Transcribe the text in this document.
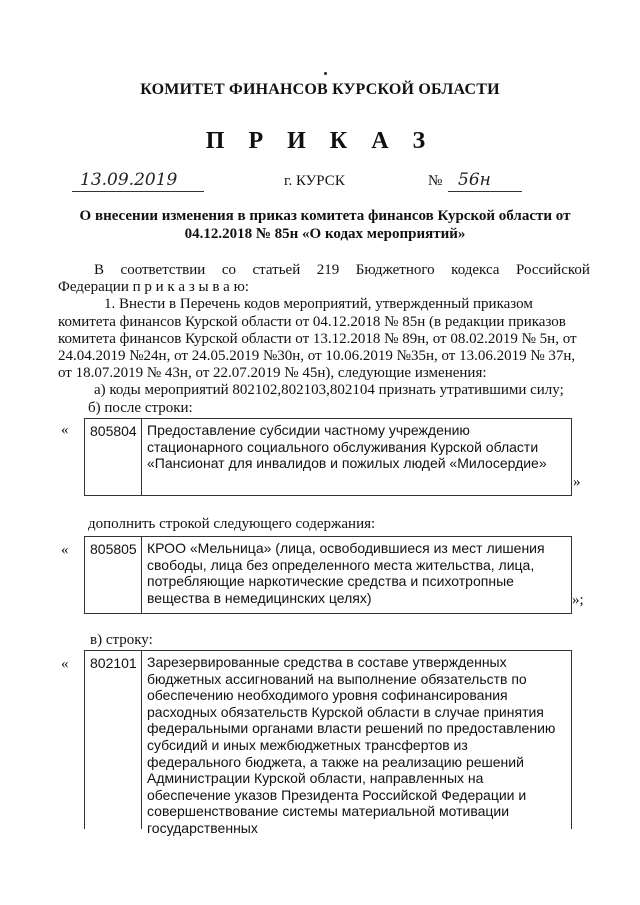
КОМИТЕТ ФИНАНСОВ КУРСКОЙ ОБЛАСТИ
П Р И К А З
13.09.2019	г. КУРСК	№ 56н
О внесении изменения в приказ комитета финансов Курской области от
04.12.2018 № 85н «О кодах мероприятий»
В соответствии со статьей 219 Бюджетного кодекса Российской
Федерации п р и к а з ы в а ю:
1. Внести в Перечень кодов мероприятий, утвержденный приказом
комитета финансов Курской области от 04.12.2018 № 85н (в редакции приказов
комитета финансов Курской области от 13.12.2018 № 89н, от 08.02.2019 № 5н, от
24.04.2019 №24н, от 24.05.2019 №30н, от 10.06.2019 №35н, от 13.06.2019 № 37н,
от 18.07.2019 № 43н, от 22.07.2019 № 45н), следующие изменения:
а) коды мероприятий 802102,802103,802104 признать утратившими силу;
б) после строки:
«	805804 Предоставление субсидии частному учреждению стационарного социального обслуживания Курской области «Пансионат для инвалидов и пожилых людей «Милосердие»
»
дополнить строкой следующего содержания:
«	805805 КРОО «Мельница» (лица, освободившиеся из мест лишения свободы, лица без определенного места жительства, лица, потребляющие наркотические средства и психотропные вещества в немедицинских целях)	»;
в) строку:
«	802101 Зарезервированные средства в составе утвержденных бюджетных ассигнований на выполнение обязательств по обеспечению необходимого уровня софинансирования расходных обязательств Курской области в случае принятия федеральными органами власти решений по предоставлению субсидий и иных межбюджетных трансфертов из федерального бюджета, а также на реализацию решений Администрации Курской области, направленных на обеспечение указов Президента Российской Федерации и совершенствование системы материальной мотивации государственных
